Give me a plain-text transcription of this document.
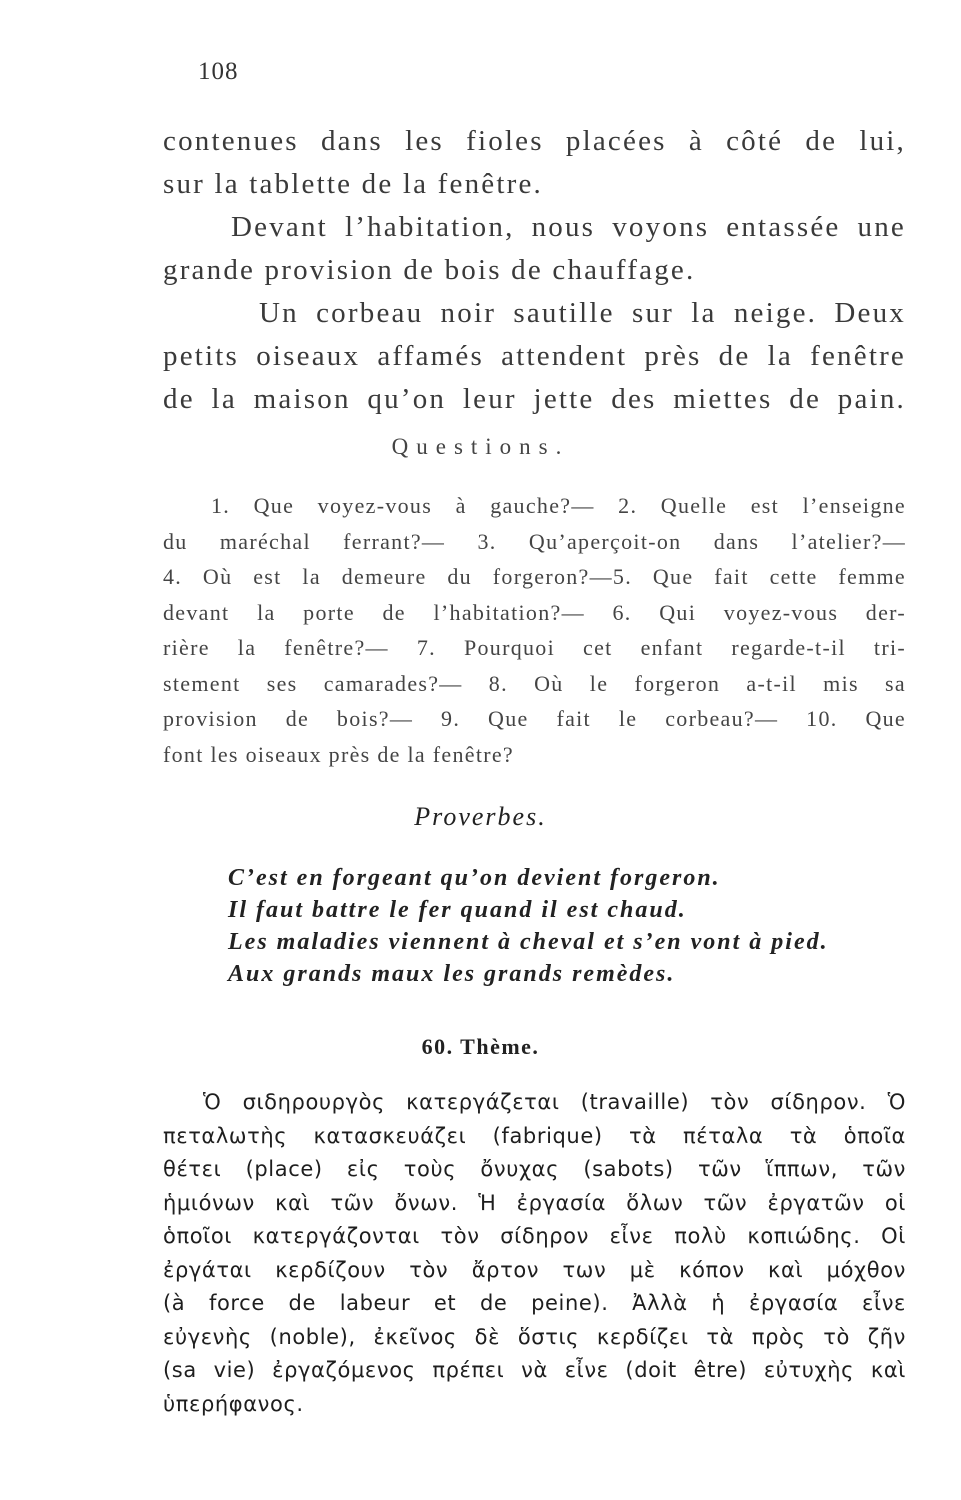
108
contenues dans les fioles placées à côté de lui,
sur la tablette de la fenêtre.
Devant l’habitation, nous voyons entassée une
grande provision de bois de chauffage.
Un corbeau noir sautille sur la neige. Deux
petits oiseaux affamés attendent près de la fenêtre
de la maison qu’on leur jette des miettes de pain.
Questions.
1. Que voyez-vous à gauche?— 2. Quelle est l’enseigne
du maréchal ferrant?— 3. Qu’aperçoit-on dans l’atelier?—
4. Où est la demeure du forgeron?—5. Que fait cette femme
devant la porte de l’habitation?— 6. Qui voyez-vous der-
rière la fenêtre?— 7. Pourquoi cet enfant regarde-t-il tri-
stement ses camarades?— 8. Où le forgeron a-t-il mis sa
provision de bois?— 9. Que fait le corbeau?— 10. Que
font les oiseaux près de la fenêtre?
Proverbes.
C’est en forgeant qu’on devient forgeron.
Il faut battre le fer quand il est chaud.
Les maladies viennent à cheval et s’en vont à pied.
Aux grands maux les grands remèdes.
60. Thème.
Ὁ σιδηρουργὸς κατεργάζεται (travaille) τὸν σίδηρον. Ὁ
πεταλωτὴς κατασκευάζει (fabrique) τὰ πέταλα τὰ ὁποῖα
θέτει (place) εἰς τοὺς ὄνυχας (sabots) τῶν ἵππων, τῶν
ἡμιόνων καὶ τῶν ὄνων. Ἡ ἐργασία ὅλων τῶν ἐργατῶν οἱ
ὁποῖοι κατεργάζονται τὸν σίδηρον εἶνε πολὺ κοπιώδης. Οἱ
ἐργάται κερδίζουν τὸν ἄρτον των μὲ κόπον καὶ μόχθον
(à force de labeur et de peine). Ἀλλὰ ἡ ἐργασία εἶνε
εὐγενὴς (noble), ἐκεῖνος δὲ ὅστις κερδίζει τὰ πρὸς τὸ ζῆν
(sa vie) ἐργαζόμενος πρέπει νὰ εἶνε (doit être) εὐτυχὴς καὶ
ὑπερήφανος.
